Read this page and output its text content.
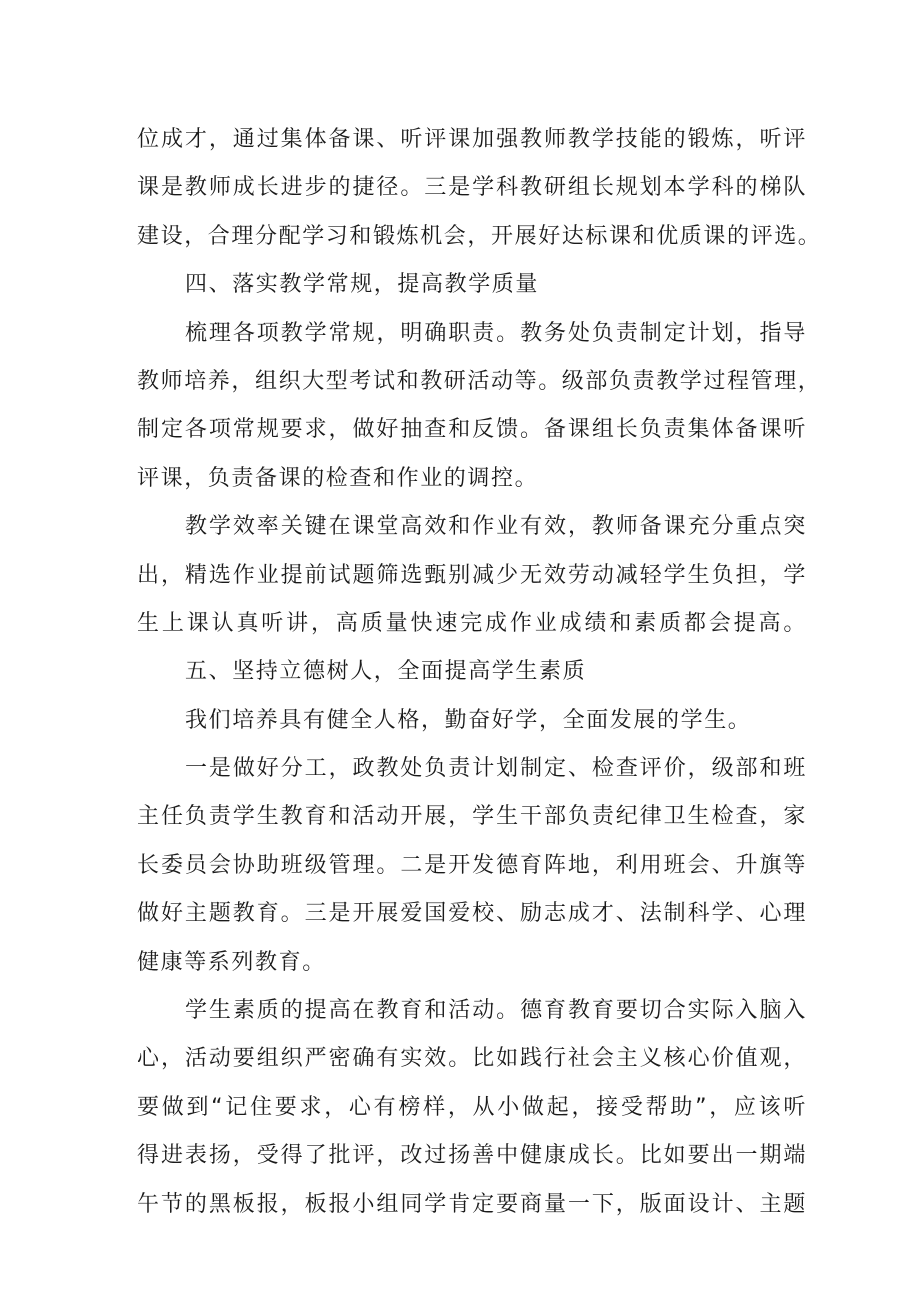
位成才，通过集体备课、听评课加强教师教学技能的锻炼，听评
课是教师成长进步的捷径。三是学科教研组长规划本学科的梯队
建设，合理分配学习和锻炼机会，开展好达标课和优质课的评选。
四、落实教学常规，提高教学质量
梳理各项教学常规，明确职责。教务处负责制定计划，指导
教师培养，组织大型考试和教研活动等。级部负责教学过程管理，
制定各项常规要求，做好抽查和反馈。备课组长负责集体备课听
评课，负责备课的检查和作业的调控。
教学效率关键在课堂高效和作业有效，教师备课充分重点突
出，精选作业提前试题筛选甄别减少无效劳动减轻学生负担，学
生上课认真听讲，高质量快速完成作业成绩和素质都会提高。
五、坚持立德树人，全面提高学生素质
我们培养具有健全人格，勤奋好学，全面发展的学生。
一是做好分工，政教处负责计划制定、检查评价，级部和班
主任负责学生教育和活动开展，学生干部负责纪律卫生检查，家
长委员会协助班级管理。二是开发德育阵地，利用班会、升旗等
做好主题教育。三是开展爱国爱校、励志成才、法制科学、心理
健康等系列教育。
学生素质的提高在教育和活动。德育教育要切合实际入脑入
心，活动要组织严密确有实效。比如践行社会主义核心价值观，
要做到“记住要求，心有榜样，从小做起，接受帮助”，应该听
得进表扬，受得了批评，改过扬善中健康成长。比如要出一期端
午节的黑板报，板报小组同学肯定要商量一下，版面设计、主题
